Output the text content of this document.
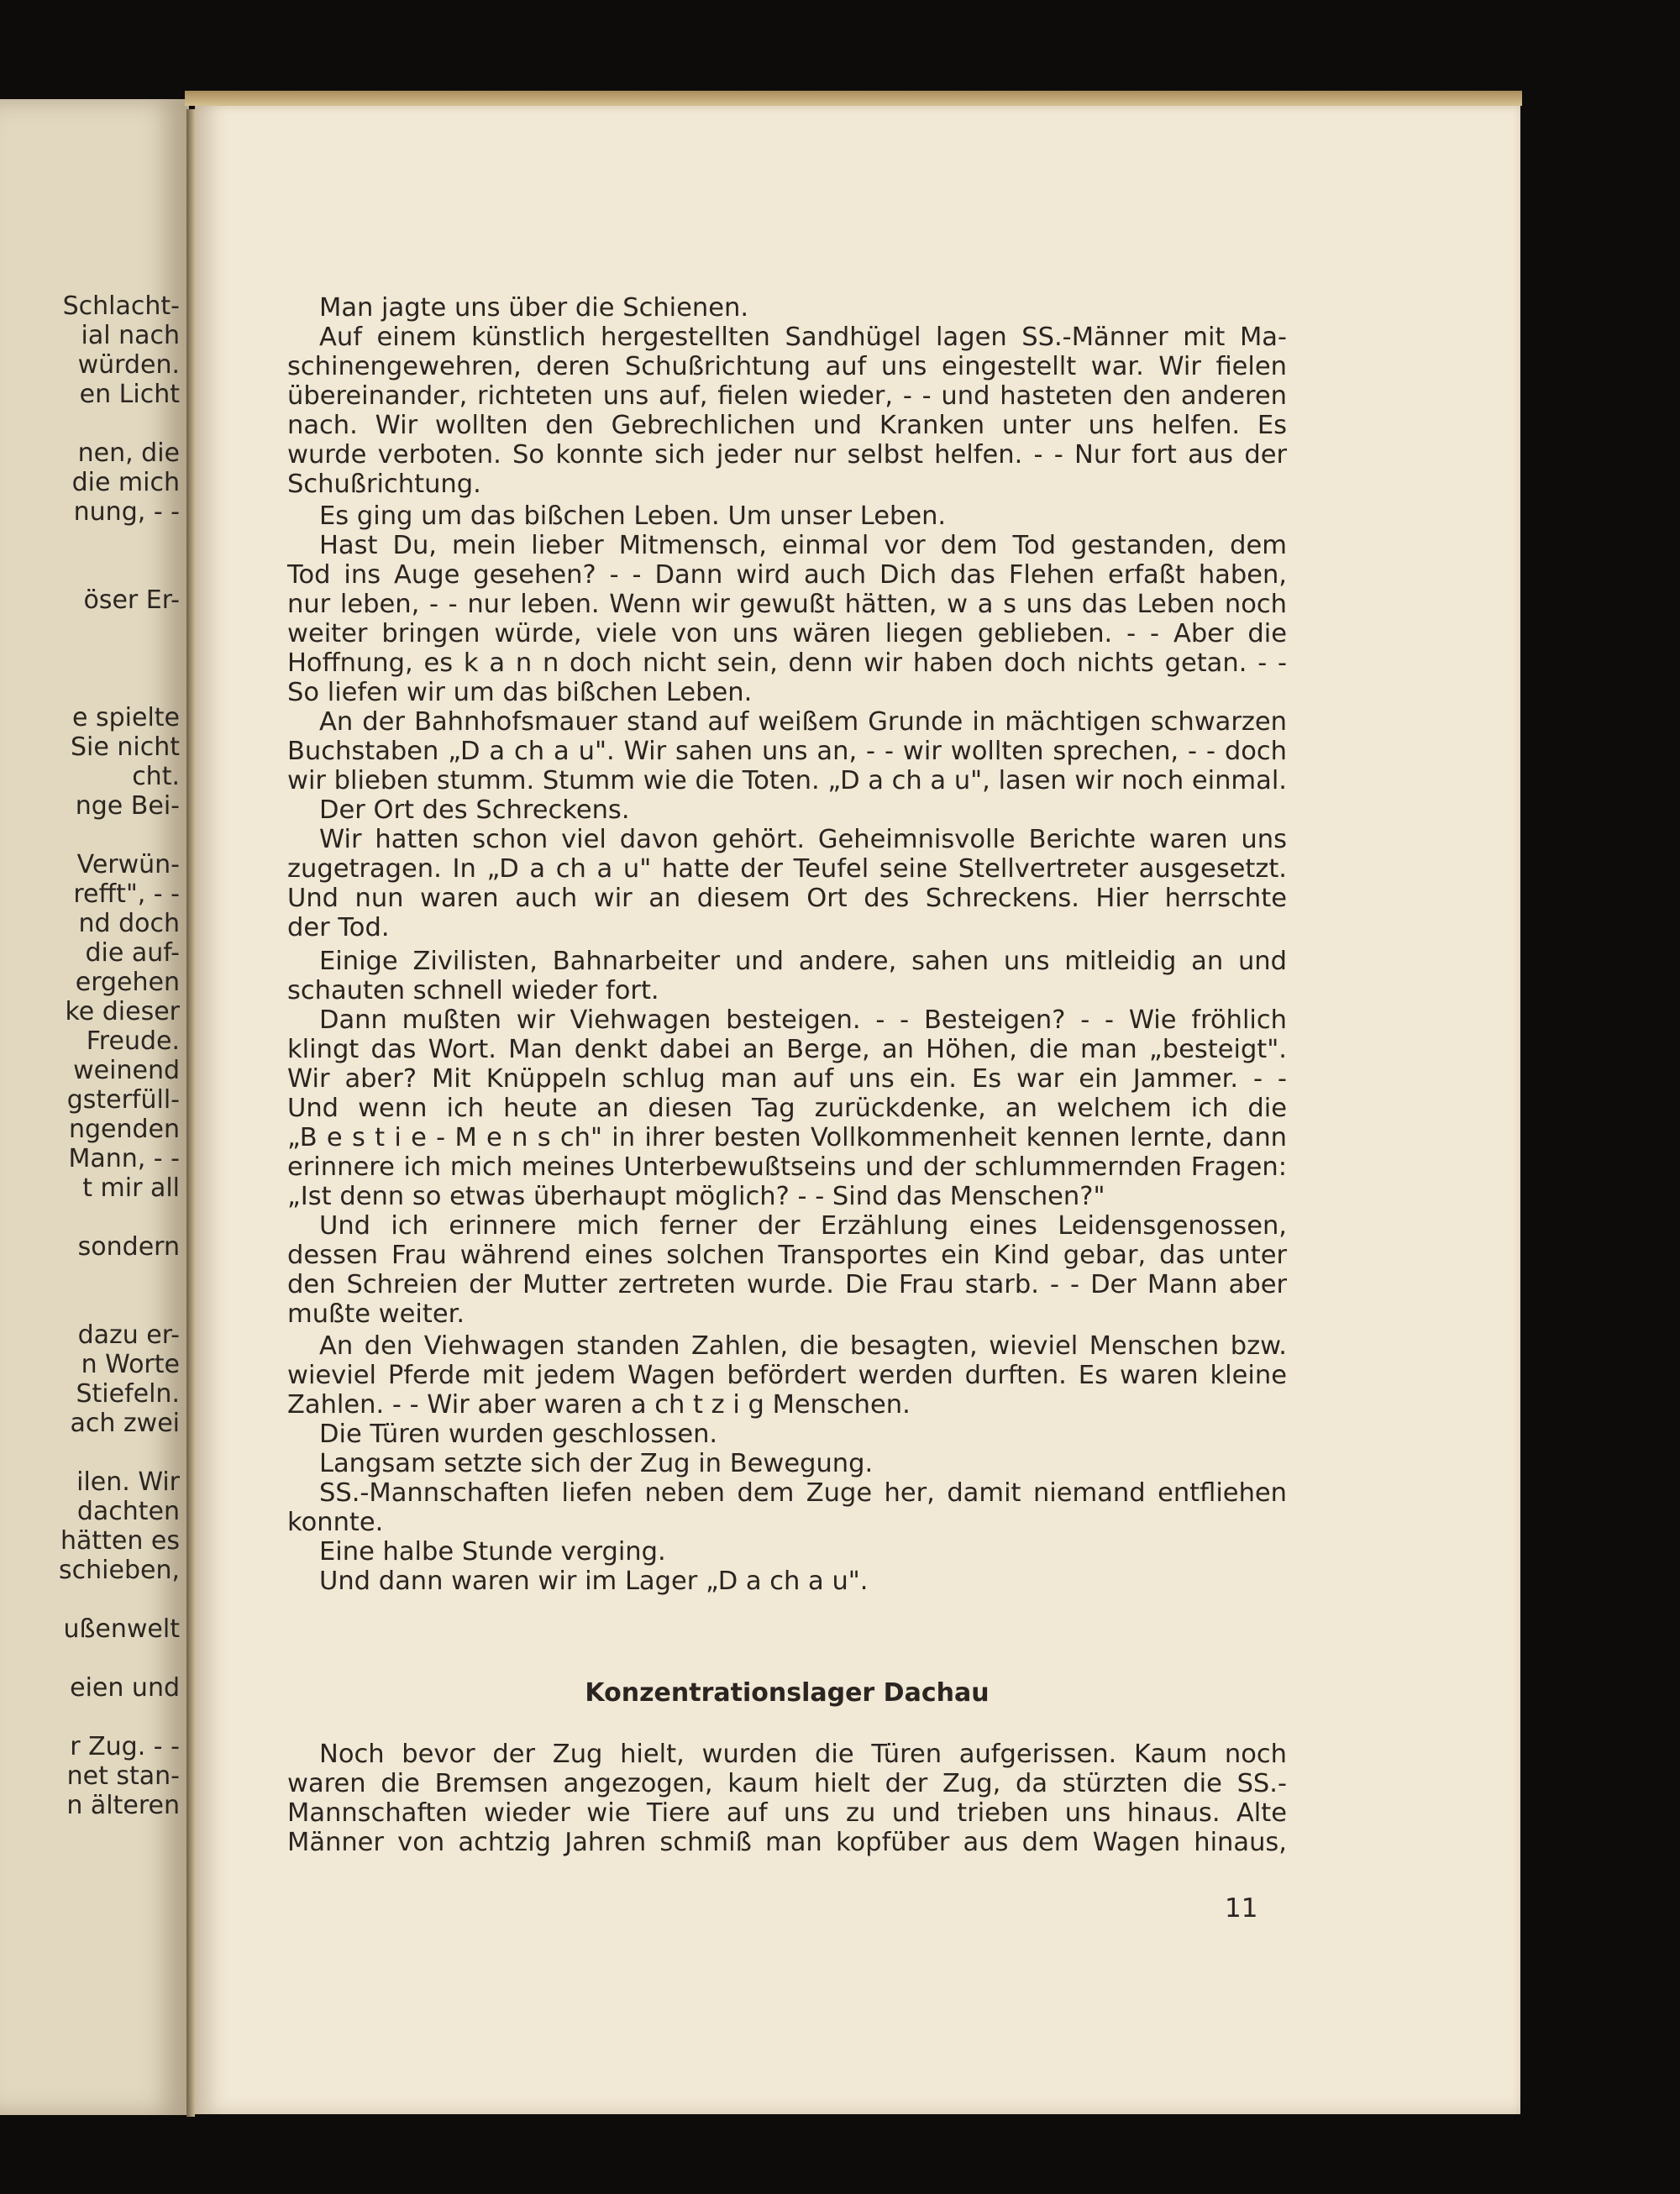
Schlacht-
ial nach
würden.
en Licht
nen, die
die mich
nung, - -
öser Er-
e spielte
Sie nicht
cht.
nge Bei-
Verwün-
refft", - -
nd doch
die auf-
ergehen
ke dieser
Freude.
weinend
gsterfüll-
ngenden
Mann, - -
t mir all
sondern
dazu er-
n Worte
Stiefeln.
ach zwei
ilen. Wir
dachten
hätten es
schieben,
ußenwelt
eien und
r Zug. - -
net stan-
n älteren
Man jagte uns über die Schienen.
Auf einem künstlich hergestellten Sandhügel lagen SS.-Männer mit Ma-
schinengewehren, deren Schußrichtung auf uns eingestellt war. Wir fielen
übereinander, richteten uns auf, fielen wieder, - - und hasteten den anderen
nach. Wir wollten den Gebrechlichen und Kranken unter uns helfen. Es
wurde verboten. So konnte sich jeder nur selbst helfen. - - Nur fort aus der
Schußrichtung.
Es ging um das bißchen Leben. Um unser Leben.
Hast Du, mein lieber Mitmensch, einmal vor dem Tod gestanden, dem
Tod ins Auge gesehen? - - Dann wird auch Dich das Flehen erfaßt haben,
nur leben, - - nur leben. Wenn wir gewußt hätten, w a s uns das Leben noch
weiter bringen würde, viele von uns wären liegen geblieben. - - Aber die
Hoffnung, es k a n n doch nicht sein, denn wir haben doch nichts getan. - -
So liefen wir um das bißchen Leben.
An der Bahnhofsmauer stand auf weißem Grunde in mächtigen schwarzen
Buchstaben „D a ch a u". Wir sahen uns an, - - wir wollten sprechen, - - doch
wir blieben stumm. Stumm wie die Toten. „D a ch a u", lasen wir noch einmal.
Der Ort des Schreckens.
Wir hatten schon viel davon gehört. Geheimnisvolle Berichte waren uns
zugetragen. In „D a ch a u" hatte der Teufel seine Stellvertreter ausgesetzt.
Und nun waren auch wir an diesem Ort des Schreckens. Hier herrschte
der Tod.
Einige Zivilisten, Bahnarbeiter und andere, sahen uns mitleidig an und
schauten schnell wieder fort.
Dann mußten wir Viehwagen besteigen. - - Besteigen? - - Wie fröhlich
klingt das Wort. Man denkt dabei an Berge, an Höhen, die man „besteigt".
Wir aber? Mit Knüppeln schlug man auf uns ein. Es war ein Jammer. - -
Und wenn ich heute an diesen Tag zurückdenke, an welchem ich die
„B e s t i e - M e n s ch" in ihrer besten Vollkommenheit kennen lernte, dann
erinnere ich mich meines Unterbewußtseins und der schlummernden Fragen:
„Ist denn so etwas überhaupt möglich? - - Sind das Menschen?"
Und ich erinnere mich ferner der Erzählung eines Leidensgenossen,
dessen Frau während eines solchen Transportes ein Kind gebar, das unter
den Schreien der Mutter zertreten wurde. Die Frau starb. - - Der Mann aber
mußte weiter.
An den Viehwagen standen Zahlen, die besagten, wieviel Menschen bzw.
wieviel Pferde mit jedem Wagen befördert werden durften. Es waren kleine
Zahlen. - - Wir aber waren a ch t z i g Menschen.
Die Türen wurden geschlossen.
Langsam setzte sich der Zug in Bewegung.
SS.-Mannschaften liefen neben dem Zuge her, damit niemand entfliehen
konnte.
Eine halbe Stunde verging.
Und dann waren wir im Lager „D a ch a u".
Konzentrationslager Dachau
Noch bevor der Zug hielt, wurden die Türen aufgerissen. Kaum noch
waren die Bremsen angezogen, kaum hielt der Zug, da stürzten die SS.-
Mannschaften wieder wie Tiere auf uns zu und trieben uns hinaus. Alte
Männer von achtzig Jahren schmiß man kopfüber aus dem Wagen hinaus,
11
